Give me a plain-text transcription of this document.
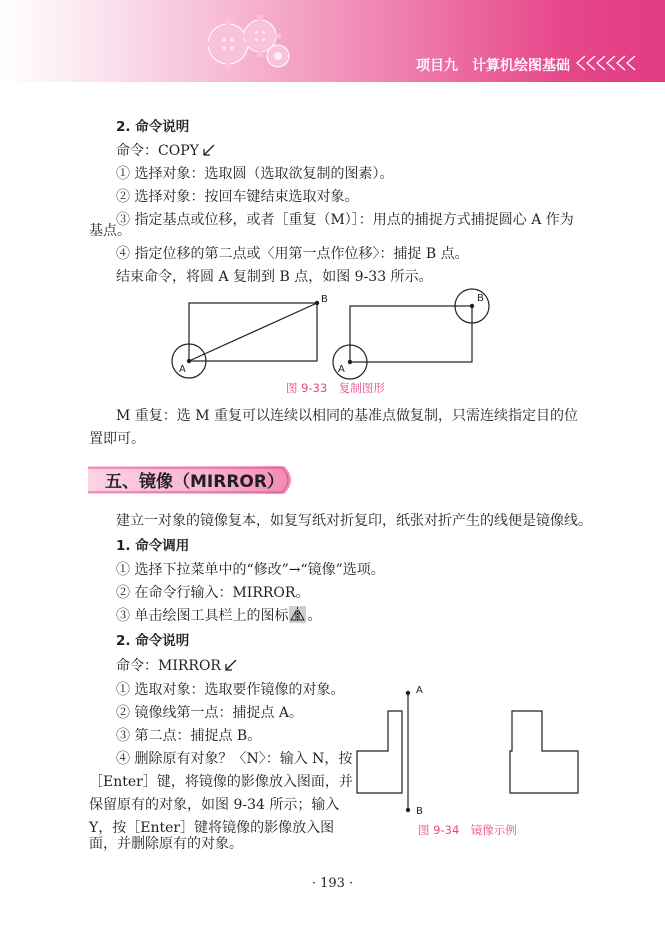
项目九　计算机绘图基础
2. 命令说明
命令：COPY
① 选择对象：选取圆（选取欲复制的图素）。
② 选择对象：按回车键结束选取对象。
③ 指定基点或位移，或者［重复（M）］：用点的捕捉方式捕捉圆心 A 作为
基点。
④ 指定位移的第二点或〈用第一点作位移〉：捕捉 B 点。
结束命令，将圆 A 复制到 B 点，如图 9-33 所示。
A
B
A
B
图 9-33　复制图形
M 重复：选 M 重复可以连续以相同的基准点做复制，只需连续指定目的位
置即可。
五、镜像（MIRROR）
建立一对象的镜像复本，如复写纸对折复印，纸张对折产生的线便是镜像线。
1. 命令调用
① 选择下拉菜单中的“修改”→“镜像”选项。
② 在命令行输入：MIRROR。
③ 单击绘图工具栏上的图标 。
2. 命令说明
命令：MIRROR
① 选取对象：选取要作镜像的对象。
② 镜像线第一点：捕捉点 A。
③ 第二点：捕捉点 B。
④ 删除原有对象？〈N〉：输入 N，按
［Enter］键，将镜像的影像放入图面，并
保留原有的对象，如图 9-34 所示；输入
Y，按［Enter］键将镜像的影像放入图
面，并删除原有的对象。
A
B
图 9-34　镜像示例
· 193 ·
